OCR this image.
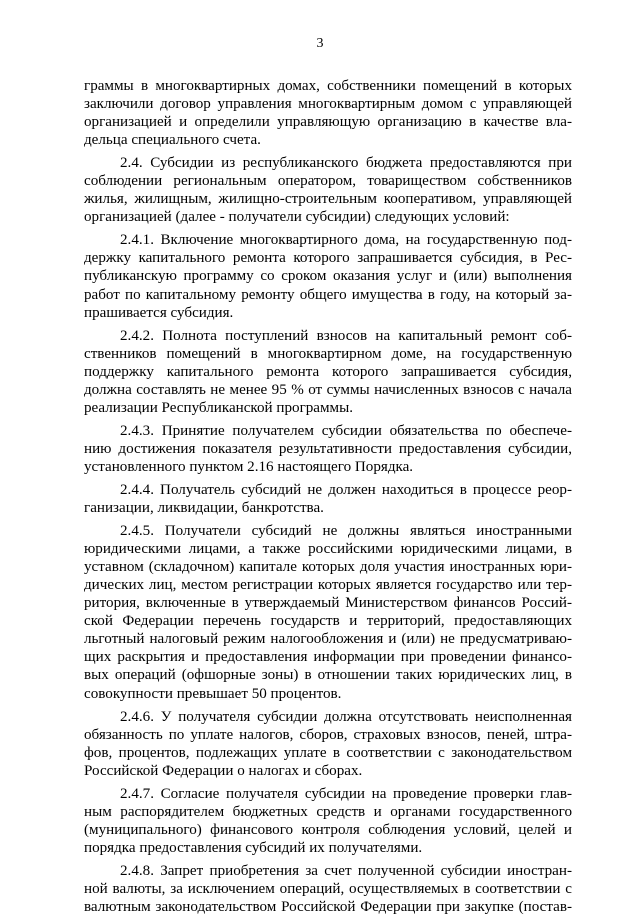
3
граммы в многоквартирных домах, собственники помещений в которых
заключили договор управления многоквартирным домом с управляющей
организацией и определили управляющую организацию в качестве вла-
дельца специального счета.
2.4. Субсидии из республиканского бюджета предоставляются при
соблюдении региональным оператором, товариществом собственников
жилья, жилищным, жилищно-строительным кооперативом, управляющей
организацией (далее - получатели субсидии) следующих условий:
2.4.1. Включение многоквартирного дома, на государственную под-
держку капитального ремонта которого запрашивается субсидия, в Рес-
публиканскую программу со сроком оказания услуг и (или) выполнения
работ по капитальному ремонту общего имущества в году, на который за-
прашивается субсидия.
2.4.2. Полнота поступлений взносов на капитальный ремонт соб-
ственников помещений в многоквартирном доме, на государственную
поддержку капитального ремонта которого запрашивается субсидия,
должна составлять не менее 95 % от суммы начисленных взносов с начала
реализации Республиканской программы.
2.4.3. Принятие получателем субсидии обязательства по обеспече-
нию достижения показателя результативности предоставления субсидии,
установленного пунктом 2.16 настоящего Порядка.
2.4.4. Получатель субсидий не должен находиться в процессе реор-
ганизации, ликвидации, банкротства.
2.4.5. Получатели субсидий не должны являться иностранными
юридическими лицами, а также российскими юридическими лицами, в
уставном (складочном) капитале которых доля участия иностранных юри-
дических лиц, местом регистрации которых является государство или тер-
ритория, включенные в утверждаемый Министерством финансов Россий-
ской Федерации перечень государств и территорий, предоставляющих
льготный налоговый режим налогообложения и (или) не предусматриваю-
щих раскрытия и предоставления информации при проведении финансо-
вых операций (офшорные зоны) в отношении таких юридических лиц, в
совокупности превышает 50 процентов.
2.4.6. У получателя субсидии должна отсутствовать неисполненная
обязанность по уплате налогов, сборов, страховых взносов, пеней, штра-
фов, процентов, подлежащих уплате в соответствии с законодательством
Российской Федерации о налогах и сборах.
2.4.7. Согласие получателя субсидии на проведение проверки глав-
ным распорядителем бюджетных средств и органами государственного
(муниципального) финансового контроля соблюдения условий, целей и
порядка предоставления субсидий их получателями.
2.4.8. Запрет приобретения за счет полученной субсидии иностран-
ной валюты, за исключением операций, осуществляемых в соответствии с
валютным законодательством Российской Федерации при закупке (постав-
